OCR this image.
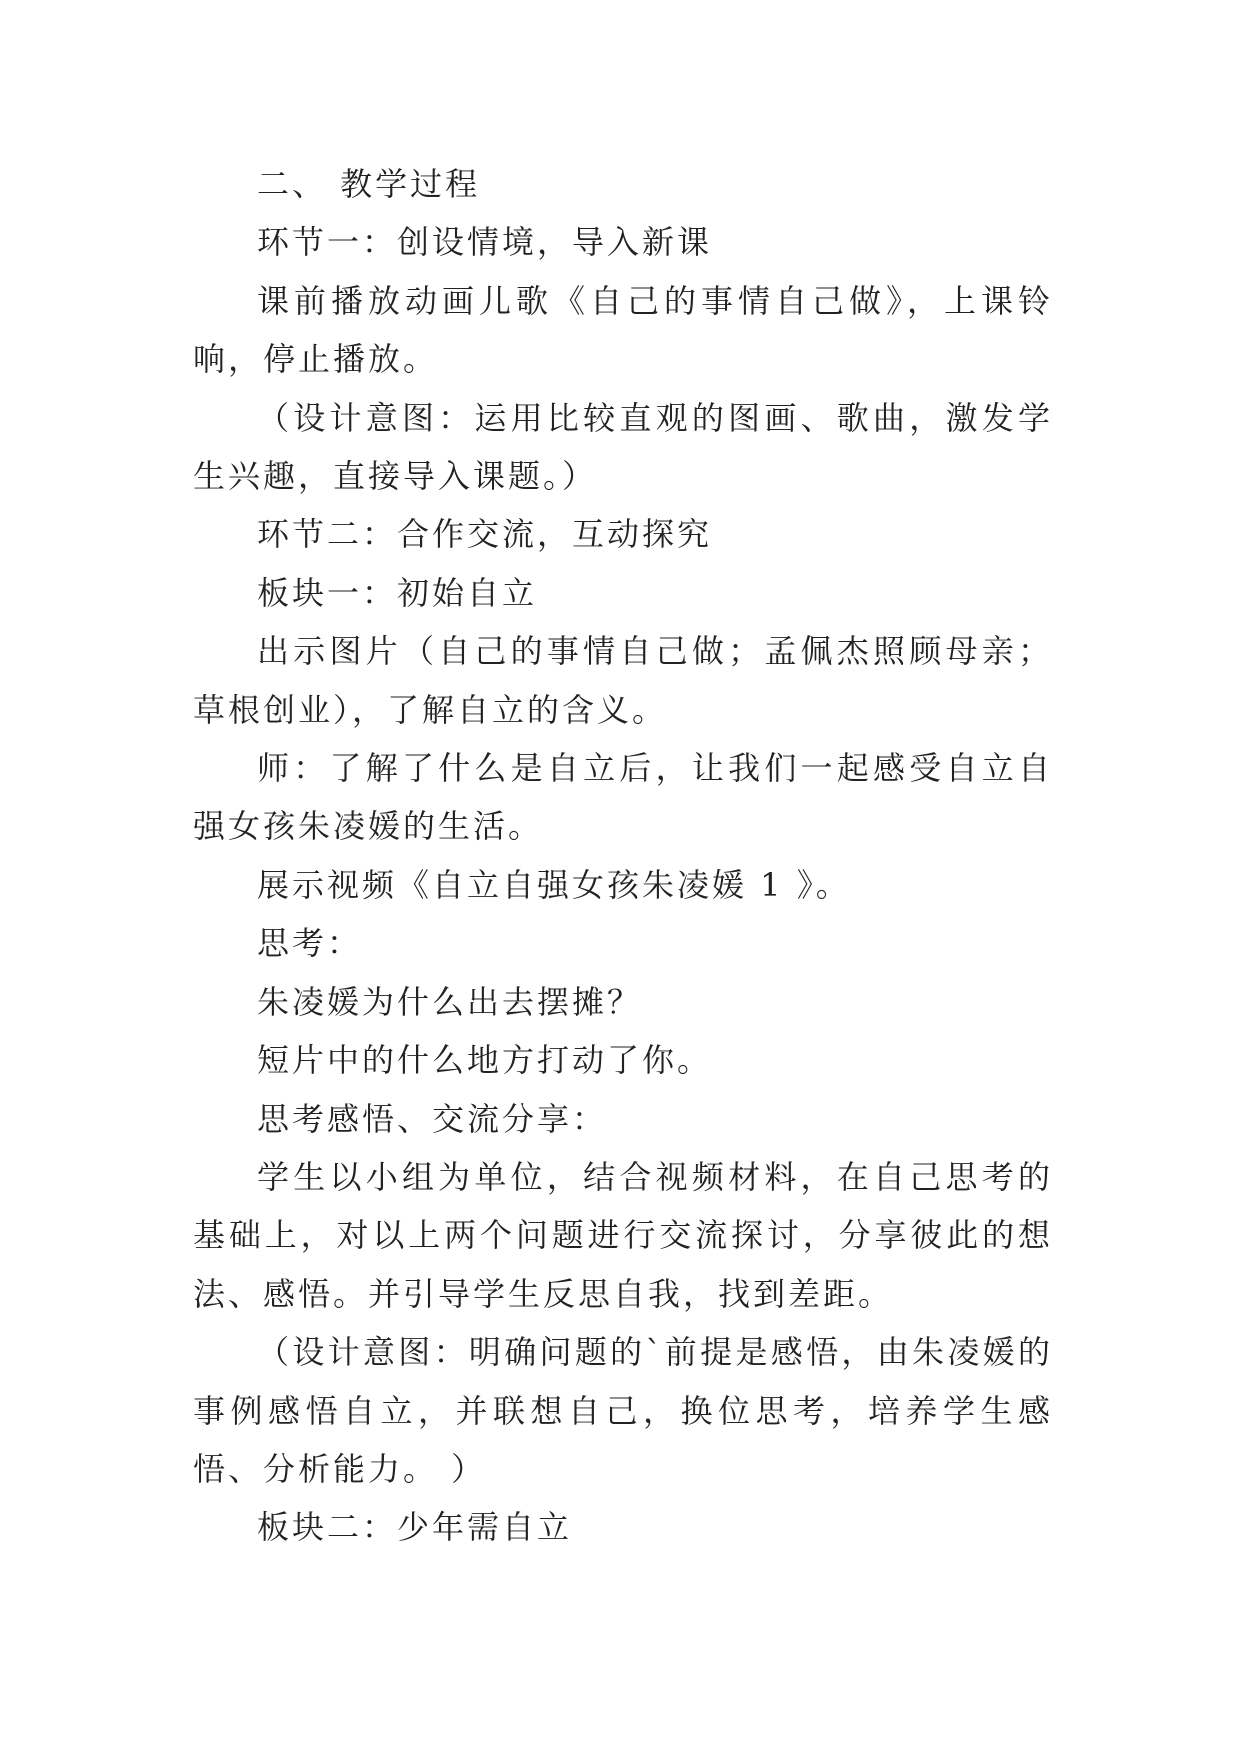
二、 教学过程

环节一：创设情境，导入新课

课前播放动画儿歌《自己的事情自己做》，上课铃响，停止播放。

（设计意图：运用比较直观的图画、歌曲，激发学生兴趣，直接导入课题。）

环节二：合作交流，互动探究

板块一：初始自立

出示图片（自己的事情自己做；孟佩杰照顾母亲；草根创业），了解自立的含义。

师：了解了什么是自立后，让我们一起感受自立自强女孩朱凌媛的生活。

展示视频《自立自强女孩朱凌媛 1 》。

思考：

朱凌媛为什么出去摆摊？

短片中的什么地方打动了你。

思考感悟、交流分享：

学生以小组为单位，结合视频材料，在自己思考的基础上，对以上两个问题进行交流探讨，分享彼此的想法、感悟。并引导学生反思自我，找到差距。

（设计意图：明确问题的`前提是感悟，由朱凌媛的事例感悟自立，并联想自己，换位思考，培养学生感悟、分析能力。 ）

板块二：少年需自立
